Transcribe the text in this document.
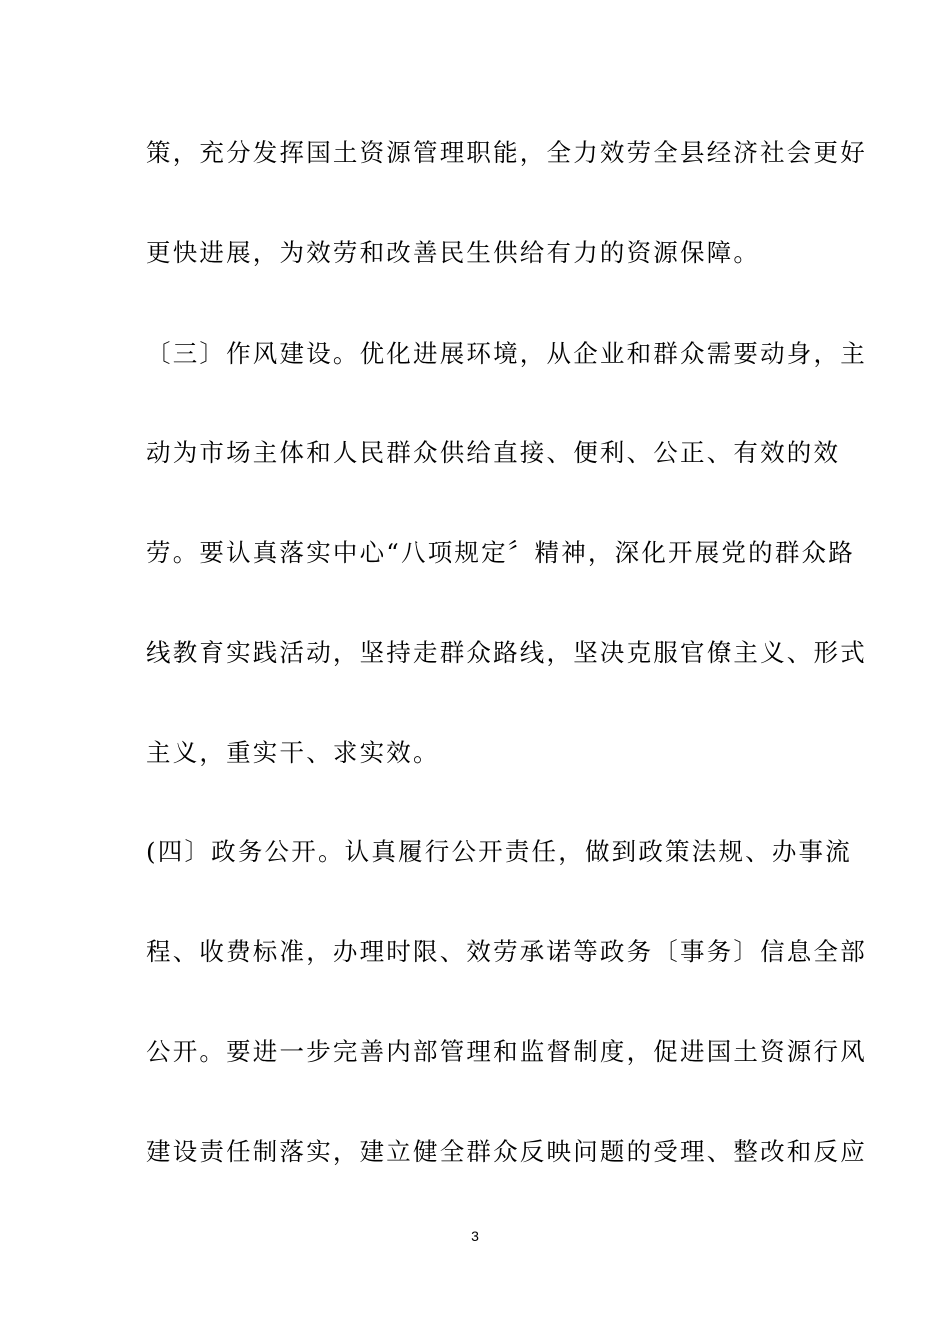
策，充分发挥国土资源管理职能，全力效劳全县经济社会更好
更快进展，为效劳和改善民生供给有力的资源保障。
〔三〕作风建设。优化进展环境，从企业和群众需要动身，主
动为市场主体和人民群众供给直接、便利、公正、有效的效
劳。要认真落实中心“八项规定〞精神，深化开展党的群众路
线教育实践活动，坚持走群众路线，坚决克服官僚主义、形式
主义，重实干、求实效。
(四〕政务公开。认真履行公开责任，做到政策法规、办事流
程、收费标准，办理时限、效劳承诺等政务〔事务〕信息全部
公开。要进一步完善内部管理和监督制度，促进国土资源行风
建设责任制落实，建立健全群众反映问题的受理、整改和反应
3
